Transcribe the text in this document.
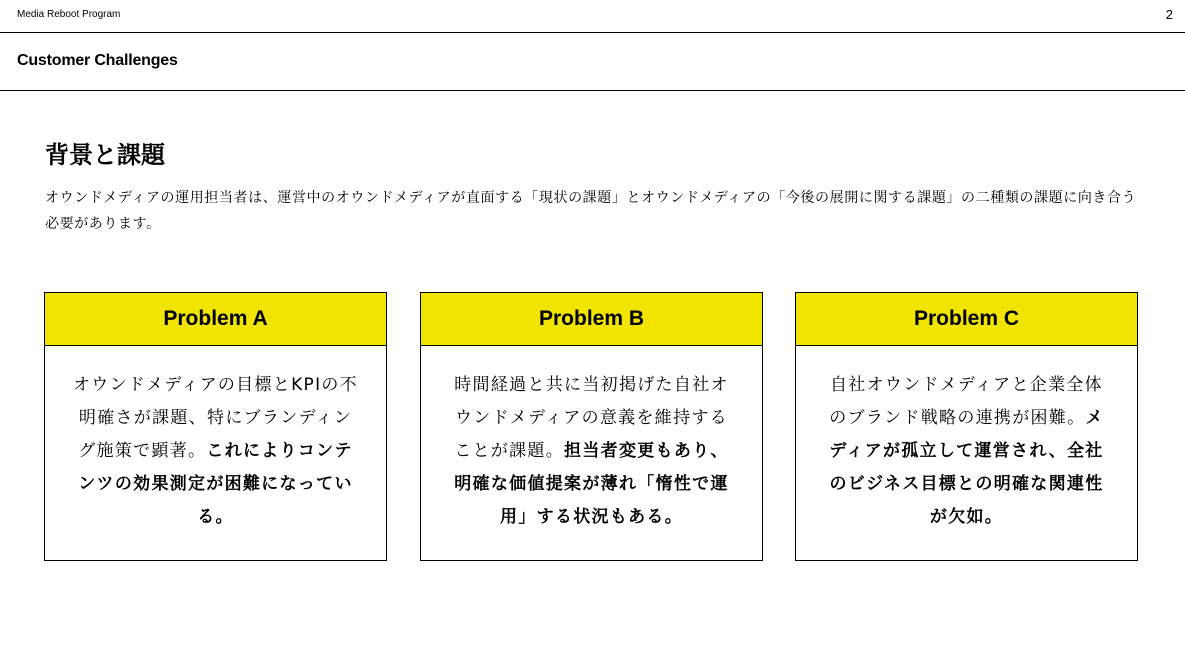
Media Reboot Program	2
Customer Challenges
背景と課題

オウンドメディアの運用担当者は、運営中のオウンドメディアが直面する「現状の課題」とオウンドメディアの「今後の展開に関する課題」の二種類の課題に向き合う必要があります。

Problem A
オウンドメディアの目標とKPIの不明確さが課題、特にブランディング施策で顕著。これによりコンテンツの効果測定が困難になっている。
Problem B
時間経過と共に当初掲げた自社オウンドメディアの意義を維持することが課題。担当者変更もあり、明確な価値提案が薄れ「惰性で運用」する状況もある。
Problem C
自社オウンドメディアと企業全体のブランド戦略の連携が困難。メディアが孤立して運営され、全社のビジネス目標との明確な関連性が欠如。
